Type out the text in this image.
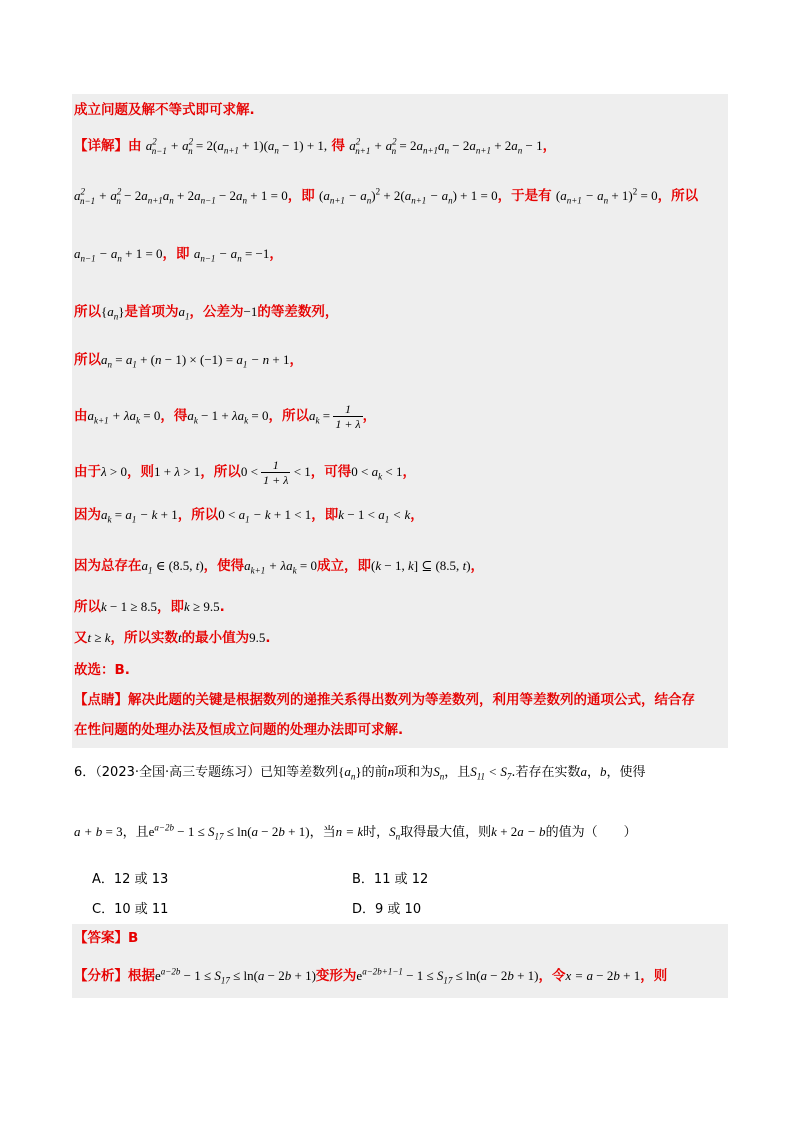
成立问题及解不等式即可求解.
【详解】由 $a^2_{n-1} + a^2_n = 2(a_{n+1} + 1)(a_n - 1) + 1$, 得 $a^2_{n+1} + a^2_n = 2a_{n+1}a_n - 2a_{n+1} + 2a_n - 1$，
$a^2_{n-1} + a^2_n - 2a_{n+1}a_n + 2a_{n-1} - 2a_n + 1 = 0$，即 $(a_{n+1} - a_n)^2 + 2(a_{n+1} - a_n) + 1 = 0$，于是有 $(a_{n+1} - a_n + 1)^2 = 0$，所以
$a_{n-1} - a_n + 1 = 0$，即 $a_{n-1} - a_n = -1$，
所以$\{a_n\}$是首项为$a_1$，公差为−1的等差数列，
所以$a_n = a_1 + (n - 1) \times (-1) = a_1 - n + 1$，
由$a_{k+1} + \lambda a_k = 0$，得$a_k - 1 + \lambda a_k = 0$，所以$a_k = \frac{1}{1 + \lambda}$ ，
由于λ > 0，则1 + λ > 1，所以$0 < \frac{1}{1 + \lambda} < 1$，可得$0 < a_k < 1$，
因为$a_k = a_1 - k + 1$，所以$0 < a_1 - k + 1 < 1$，即$k - 1 < a_1 < k$，
因为总存在$a_1$ ∈ (8.5, t)，使得$a_{k+1} + \lambda a_k = 0$成立，即(k − 1, k] ⊆ (8.5, t)，
所以k − 1 ≥ 8.5，即k ≥ 9.5.
又t ≥ k，所以实数t的最小值为9.5.
故选：B.
【点睛】解决此题的关键是根据数列的递推关系得出数列为等差数列，利用等差数列的通项公式，结合存
在性问题的处理办法及恒成立问题的处理办法即可求解.
6．（2023·全国·高三专题练习）已知等差数列$\{a_n\}$的前n项和为$S_n$，且$S_{11} < S_7$.若存在实数a，b，使得
a + b = 3，且$e^{a-2b} - 1 \le S_{17} \le \ln(a - 2b + 1)$，当n = k时，$S_n$取得最大值，则k + 2a − b的值为（　　）
A．12 或 13	B．11 或 12
C．10 或 11	D．9 或 10
【答案】B
【分析】根据$e^{a-2b} - 1 \le S_{17} \le \ln(a - 2b + 1)$变形为$e^{a-2b+1-1} - 1 \le S_{17} \le \ln(a - 2b + 1)$，令x = a − 2b + 1，则
